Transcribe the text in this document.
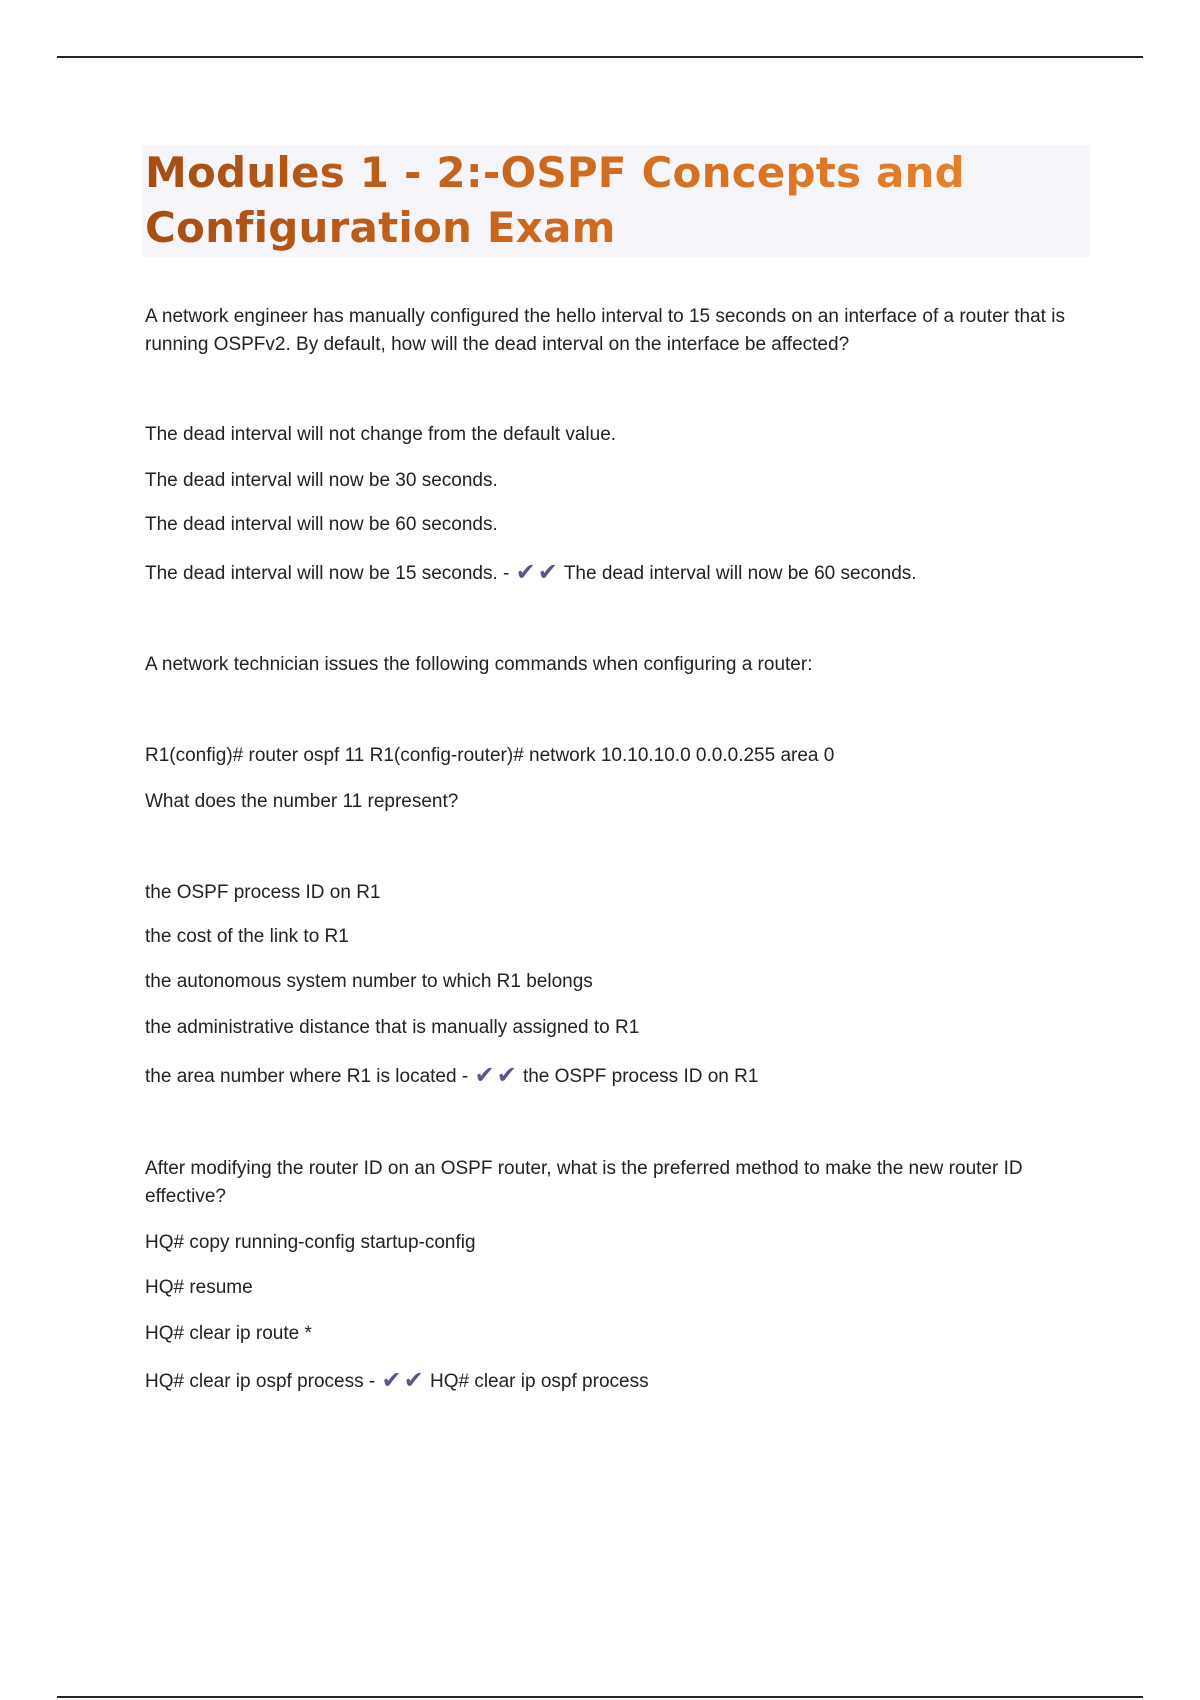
Modules 1 - 2:-OSPF Concepts and
Configuration Exam
A network engineer has manually configured the hello interval to 15 seconds on an interface of a router that is running OSPFv2. By default, how will the dead interval on the interface be affected?
The dead interval will not change from the default value.
The dead interval will now be 30 seconds.
The dead interval will now be 60 seconds.
The dead interval will now be 15 seconds. - ✔✔ The dead interval will now be 60 seconds.
A network technician issues the following commands when configuring a router:
R1(config)# router ospf 11 R1(config-router)# network 10.10.10.0 0.0.0.255 area 0
What does the number 11 represent?
the OSPF process ID on R1
the cost of the link to R1
the autonomous system number to which R1 belongs
the administrative distance that is manually assigned to R1
the area number where R1 is located - ✔✔ the OSPF process ID on R1
After modifying the router ID on an OSPF router, what is the preferred method to make the new router ID effective?
HQ# copy running-config startup-config
HQ# resume
HQ# clear ip route *
HQ# clear ip ospf process - ✔✔ HQ# clear ip ospf process
